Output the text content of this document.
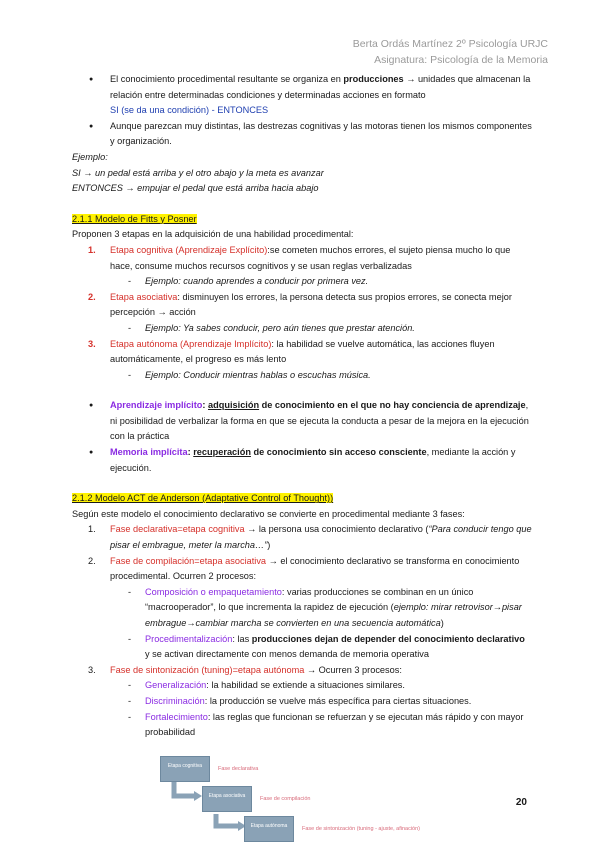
Berta Ordás Martínez 2º Psicología URJC
Asignatura: Psicología de la Memoria
● El conocimiento procedimental resultante se organiza en producciones → unidades que almacenan la relación entre determinadas condiciones y determinadas acciones en formato
SI (se da una condición) - ENTONCES
● Aunque parezcan muy distintas, las destrezas cognitivas y las motoras tienen los mismos componentes y organización.
Ejemplo:
SI → un pedal está arriba y el otro abajo y la meta es avanzar
ENTONCES → empujar el pedal que está arriba hacia abajo
2.1.1 Modelo de Fitts y Posner
Proponen 3 etapas en la adquisición de una habilidad procedimental:
1.	Etapa cognitiva (Aprendizaje Explícito):se cometen muchos errores, el sujeto piensa mucho lo que hace, consume muchos recursos cognitivos y se usan reglas verbalizadas
- Ejemplo: cuando aprendes a conducir por primera vez.
2.	Etapa asociativa: disminuyen los errores, la persona detecta sus propios errores, se conecta mejor percepción → acción
- Ejemplo: Ya sabes conducir, pero aún tienes que prestar atención.
3.	Etapa autónoma (Aprendizaje Implícito): la habilidad se vuelve automática, las acciones fluyen automáticamente, el progreso es más lento
- Ejemplo: Conducir mientras hablas o escuchas música.
● Aprendizaje implícito: adquisición de conocimiento en el que no hay conciencia de aprendizaje, ni posibilidad de verbalizar la forma en que se ejecuta la conducta a pesar de la mejora en la ejecución con la práctica
● Memoria implícita: recuperación de conocimiento sin acceso consciente, mediante la acción y ejecución.
2.1.2 Modelo ACT de Anderson (Adaptative Control of Thought))
Según este modelo el conocimiento declarativo se convierte en procedimental mediante 3 fases:
1.	Fase declarativa=etapa cognitiva → la persona usa conocimiento declarativo (“Para conducir tengo que pisar el embrague, meter la marcha…”)
2.	Fase de compilación=etapa asociativa → el conocimiento declarativo se transforma en conocimiento procedimental. Ocurren 2 procesos:
- Composición o empaquetamiento: varias producciones se combinan en un único “macrooperador”, lo que incrementa la rapidez de ejecución (ejemplo: mirar retrovisor→pisar embrague→cambiar marcha se convierten en una secuencia automática)
- Procedimentalización: las producciones dejan de depender del conocimiento declarativo y se activan directamente con menos demanda de memoria operativa
3.	Fase de sintonización (tuning)=etapa autónoma → Ocurren 3 procesos:
- Generalización: la habilidad se extiende a situaciones similares.
- Discriminación: la producción se vuelve más específica para ciertas situaciones.
- Fortalecimiento: las reglas que funcionan se refuerzan y se ejecutan más rápido y con mayor probabilidad
Etapa cognitiva	Fase declarativa
Etapa asociativa	Fase de compilación
Etapa autónoma	Fase de sintonización (tuning - ajuste, afinación)
20
